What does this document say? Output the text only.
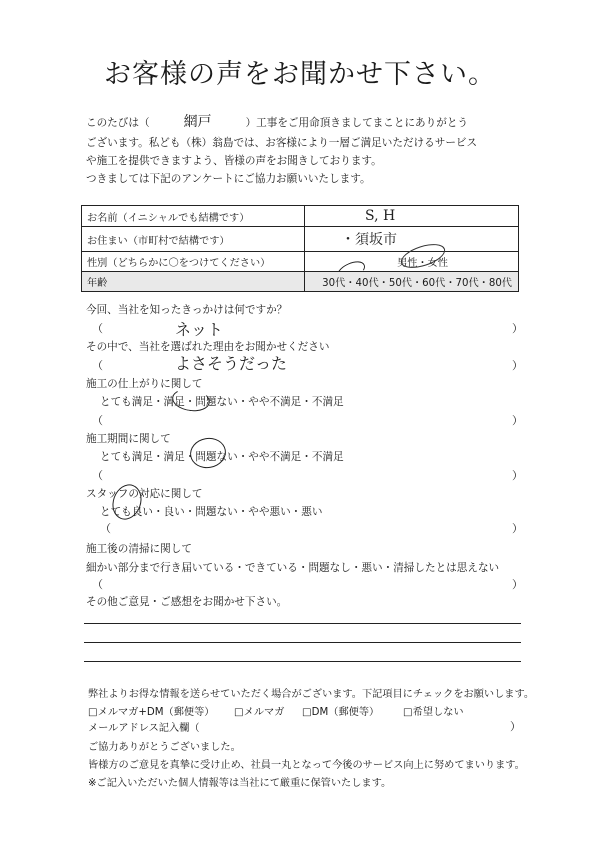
お客様の声をお聞かせ下さい。
このたびは（ 網戸	）工事をご用命頂きましてまことにありがとう
ございます。私ども（株）翁島では、お客様により一層ご満足いただけるサービス
や施工を提供できますよう、皆様の声をお聞きしております。
つきましては下記のアンケートにご協力お願いいたします。
お名前（イニシャルでも結構です）	S, H
お住まい（市町村で結構です）	・須坂市
性別（どちらかに〇をつけてください）	男性・女性
年齢	30代・40代・50代・60代・70代・80代
今回、当社を知ったきっかけは何ですか？
（	ネット	）
その中で、当社を選ばれた理由をお聞かせください
（	よさそうだった	）
施工の仕上がりに関して
とても満足・満足・問題ない・やや不満足・不満足
（	）
施工期間に関して
とても満足・満足・問題ない・やや不満足・不満足
（	）
スタッフの対応に関して
とても良い・良い・問題ない・やや悪い・悪い
（	）
施工後の清掃に関して
細かい部分まで行き届いている・できている・問題なし・悪い・清掃したとは思えない
（	）
その他ご意見・ご感想をお聞かせ下さい。
弊社よりお得な情報を送らせていただく場合がございます。下記項目にチェックをお願いします。
□メルマガ+DM（郵便等） □メルマガ □DM（郵便等） □希望しない
メールアドレス記入欄（	）
ご協力ありがとうございました。
皆様方のご意見を真摯に受け止め、社員一丸となって今後のサービス向上に努めてまいります。
※ご記入いただいた個人情報等は当社にて厳重に保管いたします。
